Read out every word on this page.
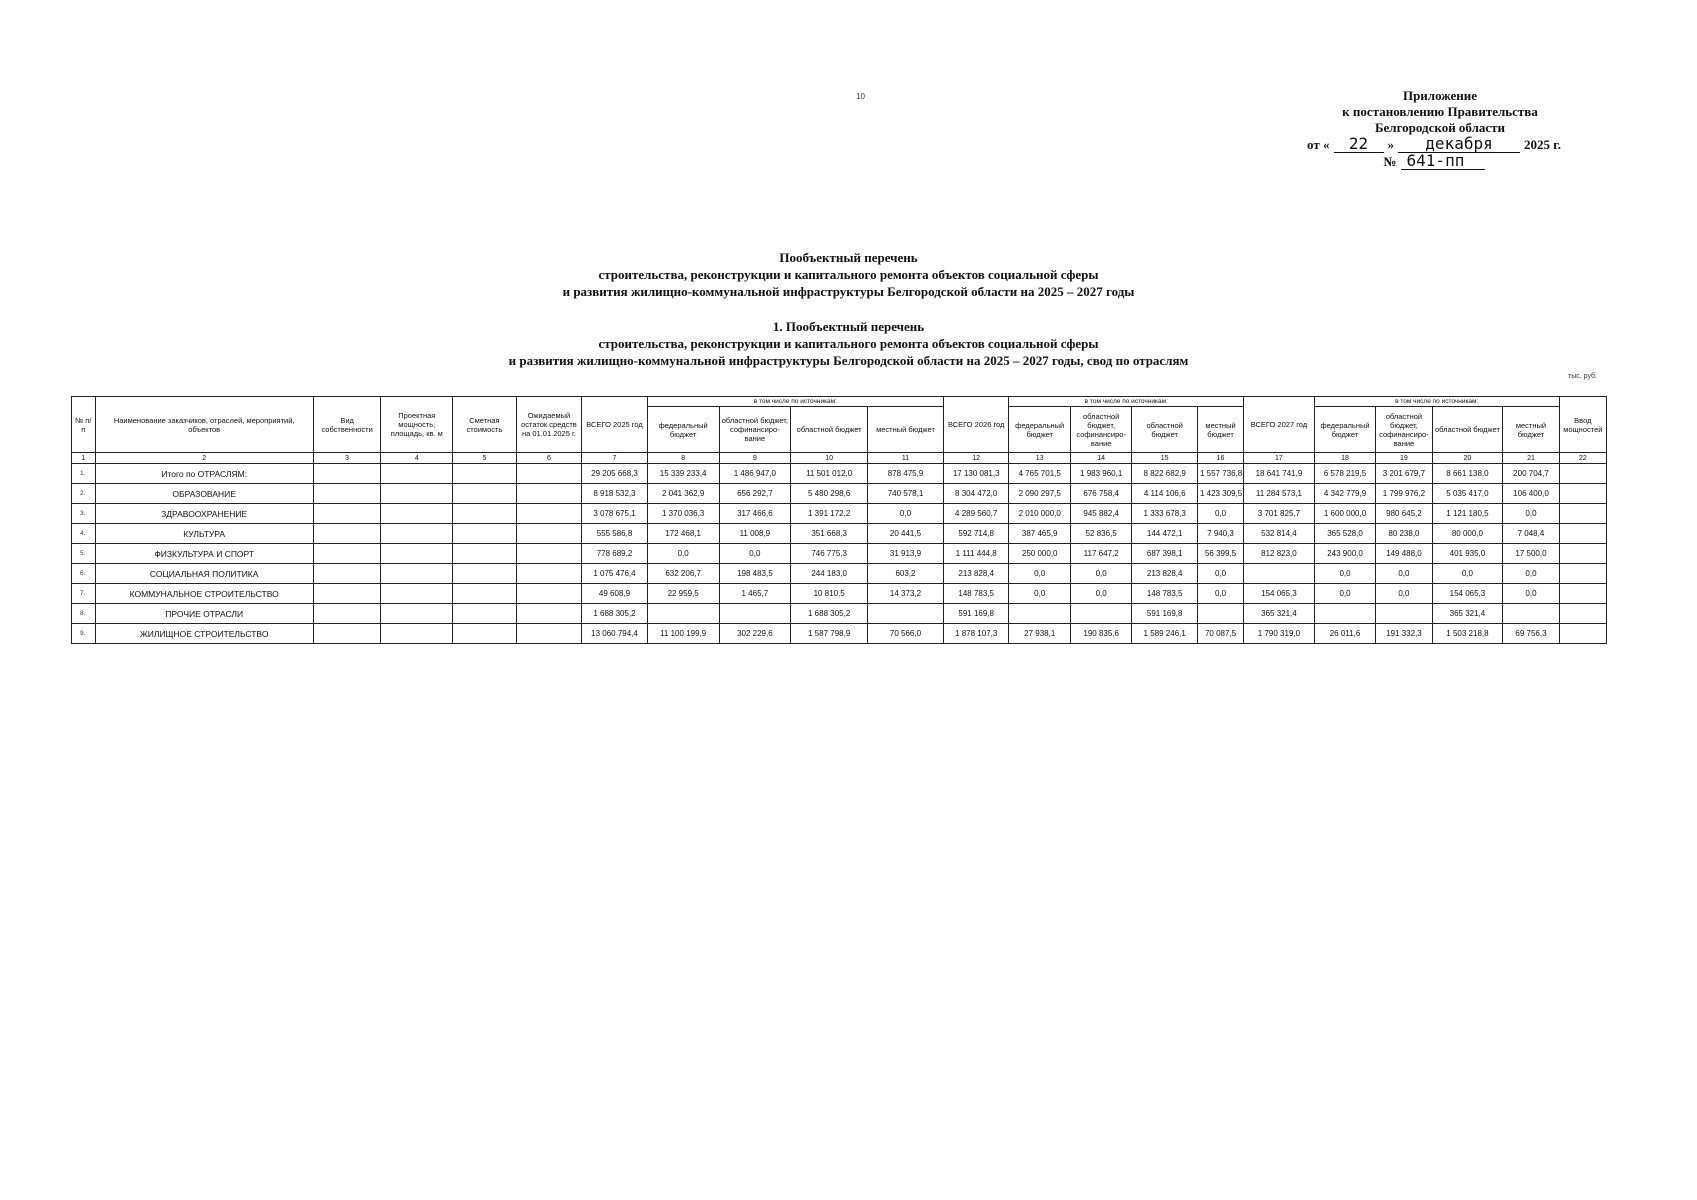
10	Приложение
к постановлению Правительства
Белгородской области
от «	22	»	декабря	2025 г.
№ 641-пп
Пообъектный перечень
строительства, реконструкции и капитального ремонта объектов социальной сферы
и развития жилищно-коммунальной инфраструктуры Белгородской области на 2025 – 2027 годы
1. Пообъектный перечень
строительства, реконструкции и капитального ремонта объектов социальной сферы
и развития жилищно-коммунальной инфраструктуры Белгородской области на 2025 – 2027 годы, свод по отраслям
тыс. руб.
№ п/п	Наименование заказчиков, отраслей, мероприятий, объектов	Вид собственности	Проектная мощность, площадь, кв. м	Сметная стоимость	Ожидаемый остаток средств на 01.01.2025 г.	ВСЕГО 2025 год	в том числе по источникам:				ВСЕГО 2026 год	в том числе по источникам:				ВСЕГО 2027 год	в том числе по источникам:				Ввод мощностей
							федеральный бюджет	областной бюджет, софинансиро-вание	областной бюджет	местный бюджет		федеральный бюджет	областной бюджет, софинансиро-вание	областной бюджет	местный бюджет		федеральный бюджет	областной бюджет, софинансиро-вание	областной бюджет	местный бюджет	
1	2	3	4	5	6	7	8	9	10	11	12	13	14	15	16	17	18	19	20	21	22
1.	Итого по ОТРАСЛЯМ:					29 205 668,3	15 339 233,4	1 486 947,0	11 501 012,0	878 475,9	17 130 081,3	4 765 701,5	1 983 960,1	8 822 682,9	1 557 736,8	18 641 741,9	6 578 219,5	3 201 679,7	8 661 138,0	200 704,7	
2.	ОБРАЗОВАНИЕ					8 918 532,3	2 041 362,9	656 292,7	5 480 298,6	740 578,1	8 304 472,0	2 090 297,5	676 758,4	4 114 106,6	1 423 309,5	11 284 573,1	4 342 779,9	1 799 976,2	5 035 417,0	106 400,0	
3.	ЗДРАВООХРАНЕНИЕ					3 078 675,1	1 370 036,3	317 466,6	1 391 172,2	0,0	4 289 560,7	2 010 000,0	945 882,4	1 333 678,3	0,0	3 701 825,7	1 600 000,0	980 645,2	1 121 180,5	0,0	
4.	КУЛЬТУРА					555 586,8	172 468,1	11 008,9	351 668,3	20 441,5	592 714,8	387 465,9	52 836,5	144 472,1	7 940,3	532 814,4	365 528,0	80 238,0	80 000,0	7 048,4	
5.	ФИЗКУЛЬТУРА И СПОРТ					778 689,2	0,0	0,0	746 775,3	31 913,9	1 111 444,8	250 000,0	117 647,2	687 398,1	56 399,5	812 823,0	243 900,0	149 488,0	401 935,0	17 500,0	
6.	СОЦИАЛЬНАЯ ПОЛИТИКА					1 075 476,4	632 206,7	198 483,5	244 183,0	603,2	213 828,4	0,0	0,0	213 828,4	0,0		0,0	0,0	0,0	0,0	
7.	КОММУНАЛЬНОЕ СТРОИТЕЛЬСТВО					49 608,9	22 959,5	1 465,7	10 810,5	14 373,2	148 783,5	0,0	0,0	148 783,5	0,0	154 065,3	0,0	0,0	154 065,3	0,0	
8.	ПРОЧИЕ ОТРАСЛИ					1 688 305,2			1 688 305,2		591 169,8			591 169,8		365 321,4			365 321,4		
9.	ЖИЛИЩНОЕ СТРОИТЕЛЬСТВО					13 060 794,4	11 100 199,9	302 229,6	1 587 798,9	70 566,0	1 878 107,3	27 938,1	190 835,6	1 589 246,1	70 087,5	1 790 319,0	26 011,6	191 332,3	1 503 218,8	69 756,3	
